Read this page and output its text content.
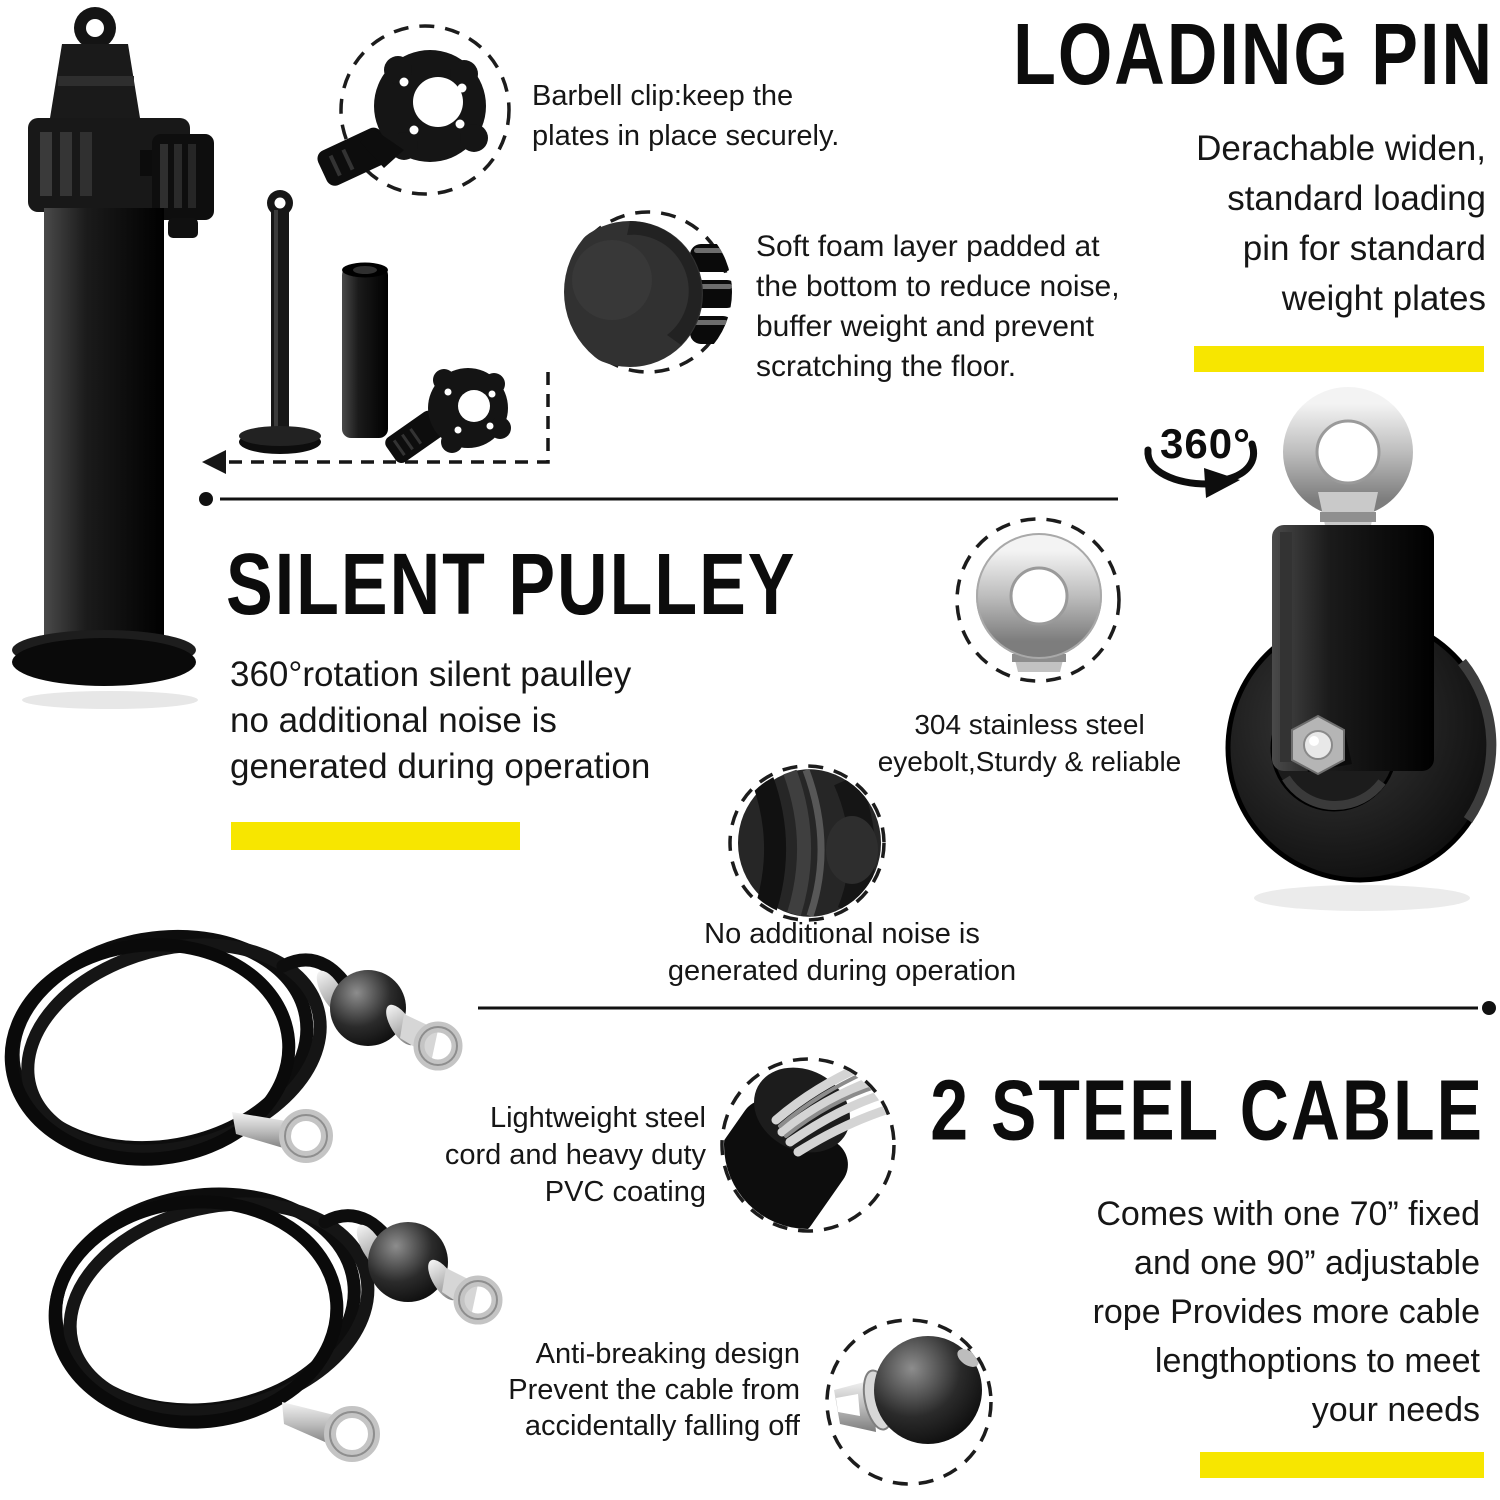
LOADING PIN
Derachable widen,
standard loading
pin for standard
weight plates
Barbell clip:keep the
plates in place securely.
Soft foam layer padded at
the bottom to reduce noise,
buffer weight and prevent
scratching the floor.
SILENT PULLEY
360°rotation silent paulley
no additional noise is
generated during operation
360°
304 stainless steel
eyebolt,Sturdy & reliable
No additional noise is
generated during operation
2 STEEL CABLE
Comes with one 70” fixed
and one 90” adjustable
rope Provides more cable
lengthoptions to meet
your needs
Lightweight steel
cord and heavy duty
PVC coating
Anti-breaking design
Prevent the cable from
accidentally falling off
